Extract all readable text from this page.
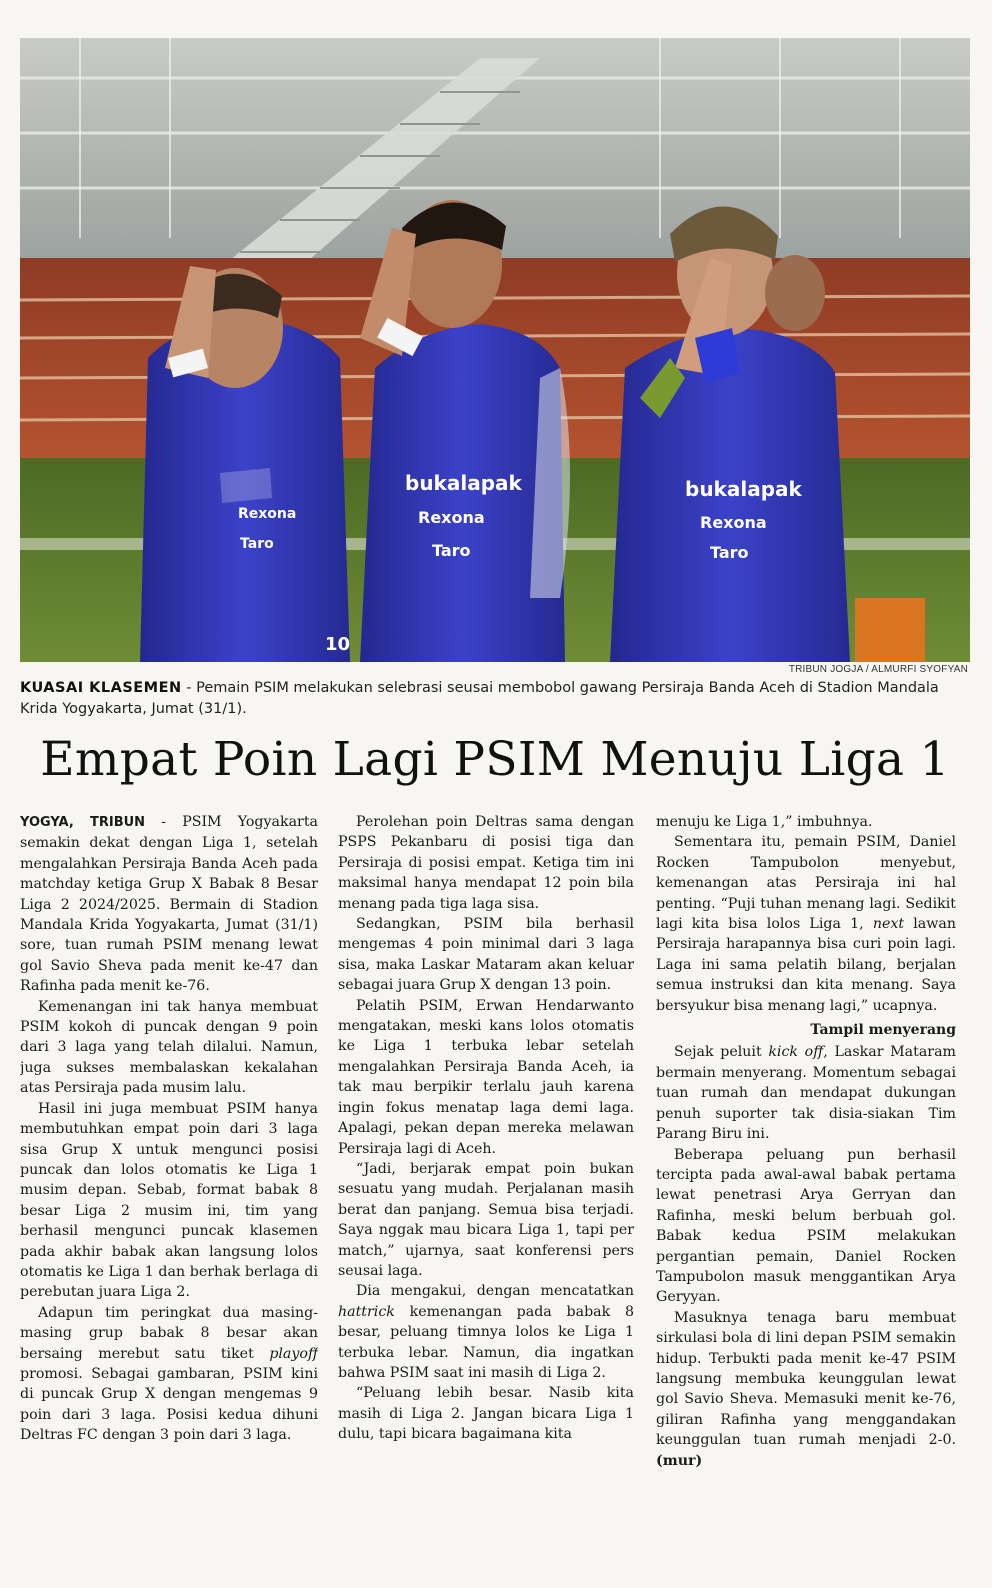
bukalapak
Rexona
Taro
bukalapak
Rexona
Taro
Rexona
Taro
10
TRIBUN JOGJA / ALMURFI SYOFYAN
KUASAI KLASEMEN - Pemain PSIM melakukan selebrasi seusai membobol gawang Persiraja Banda Aceh di Stadion Mandala Krida Yogyakarta, Jumat (31/1).
Empat Poin Lagi PSIM Menuju Liga 1

YOGYA, TRIBUN - PSIM Yogyakarta semakin dekat dengan Liga 1, setelah mengalahkan Persiraja Banda Aceh pada matchday ketiga Grup X Babak 8 Besar Liga 2 2024/2025. Bermain di Stadion Mandala Krida Yogyakarta, Jumat (31/1) sore, tuan rumah PSIM menang lewat gol Savio Sheva pada menit ke-47 dan Rafinha pada menit ke-76.

Kemenangan ini tak hanya membuat PSIM kokoh di puncak dengan 9 poin dari 3 laga yang telah dilalui. Namun, juga sukses membalaskan kekalahan atas Persiraja pada musim lalu.

Hasil ini juga membuat PSIM hanya membutuhkan empat poin dari 3 laga sisa Grup X untuk mengunci posisi puncak dan lolos otomatis ke Liga 1 musim depan. Sebab, format babak 8 besar Liga 2 musim ini, tim yang berhasil mengunci puncak klasemen pada akhir babak akan langsung lolos otomatis ke Liga 1 dan berhak berlaga di perebutan juara Liga 2.

Adapun tim peringkat dua masing-masing grup babak 8 besar akan bersaing merebut satu tiket playoff promosi. Sebagai gambaran, PSIM kini di puncak Grup X dengan mengemas 9 poin dari 3 laga. Posisi kedua dihuni Deltras FC dengan 3 poin dari 3 laga.

Perolehan poin Deltras sama dengan PSPS Pekanbaru di posisi tiga dan Persiraja di posisi empat. Ketiga tim ini maksimal hanya mendapat 12 poin bila menang pada tiga laga sisa.

Sedangkan, PSIM bila berhasil mengemas 4 poin minimal dari 3 laga sisa, maka Laskar Mataram akan keluar sebagai juara Grup X dengan 13 poin.

Pelatih PSIM, Erwan Hendarwanto mengatakan, meski kans lolos otomatis ke Liga 1 terbuka lebar setelah mengalahkan Persiraja Banda Aceh, ia tak mau berpikir terlalu jauh karena ingin fokus menatap laga demi laga. Apalagi, pekan depan mereka melawan Persiraja lagi di Aceh.

“Jadi, berjarak empat poin bukan sesuatu yang mudah. Perjalanan masih berat dan panjang. Semua bisa terjadi. Saya nggak mau bicara Liga 1, tapi per match,” ujarnya, saat konferensi pers seusai laga.

Dia mengakui, dengan mencatatkan hattrick kemenangan pada babak 8 besar, peluang timnya lolos ke Liga 1 terbuka lebar. Namun, dia ingatkan bahwa PSIM saat ini masih di Liga 2.

“Peluang lebih besar. Nasib kita masih di Liga 2. Jangan bicara Liga 1 dulu, tapi bicara bagaimana kita

menuju ke Liga 1,” imbuhnya.

Sementara itu, pemain PSIM, Daniel Rocken Tampubolon menyebut, kemenangan atas Persiraja ini hal penting. “Puji tuhan menang lagi. Sedikit lagi kita bisa lolos Liga 1, next lawan Persiraja harapannya bisa curi poin lagi. Laga ini sama pelatih bilang, berjalan semua instruksi dan kita menang. Saya bersyukur bisa menang lagi,” ucapnya.

Tampil menyerang

Sejak peluit kick off, Laskar Mataram bermain menyerang. Momentum sebagai tuan rumah dan mendapat dukungan penuh suporter tak disia-siakan Tim Parang Biru ini.

Beberapa peluang pun berhasil tercipta pada awal-awal babak pertama lewat penetrasi Arya Gerryan dan Rafinha, meski belum berbuah gol. Babak kedua PSIM melakukan pergantian pemain, Daniel Rocken Tampubolon masuk menggantikan Arya Geryyan.

Masuknya tenaga baru membuat sirkulasi bola di lini depan PSIM semakin hidup. Terbukti pada menit ke-47 PSIM langsung membuka keunggulan lewat gol Savio Sheva. Memasuki menit ke-76, giliran Rafinha yang menggandakan keunggulan tuan rumah menjadi 2-0. (mur)
